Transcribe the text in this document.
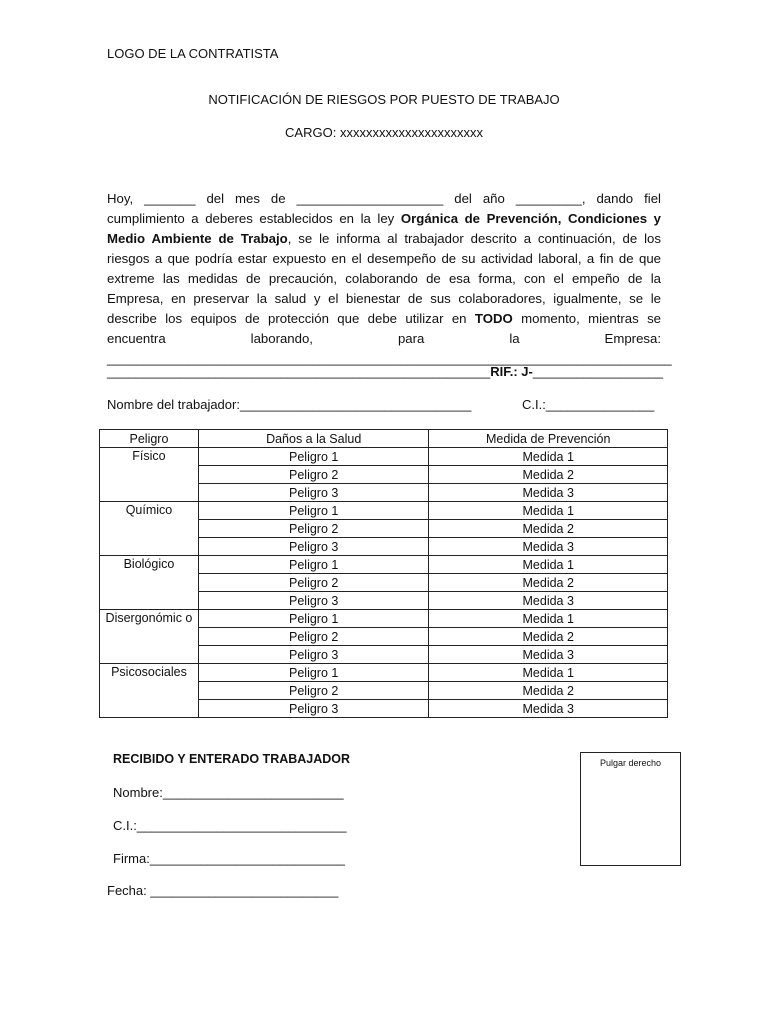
LOGO DE LA CONTRATISTA
NOTIFICACIÓN DE RIESGOS POR PUESTO DE TRABAJO
CARGO: xxxxxxxxxxxxxxxxxxxxxx
Hoy, _______ del mes de ____________________ del año _________, dando fiel cumplimiento a deberes establecidos en la ley Orgánica de Prevención, Condiciones y Medio Ambiente de Trabajo, se le informa al trabajador descrito a continuación, de los riesgos a que podría estar expuesto en el desempeño de su actividad laboral, a fin de que extreme las medidas de precaución, colaborando de esa forma, con el empeño de la Empresa, en preservar la salud y el bienestar de sus colaboradores, igualmente, se le describe los equipos de protección que debe utilizar en TODO momento, mientras se encuentra laborando, para la Empresa: _____________________________________________________________________________
_____________________________________________________RIF.: J-__________________
Nombre del trabajador:________________________________	C.I.:_______________
Peligro	Daños a la Salud	Medida de Prevención
Físico	Peligro 1	Medida 1
	Peligro 2	Medida 2
	Peligro 3	Medida 3
Químico	Peligro 1	Medida 1
	Peligro 2	Medida 2
	Peligro 3	Medida 3
Biológico	Peligro 1	Medida 1
	Peligro 2	Medida 2
	Peligro 3	Medida 3
Disergonómic o	Peligro 1	Medida 1
	Peligro 2	Medida 2
	Peligro 3	Medida 3
Psicosociales	Peligro 1	Medida 1
	Peligro 2	Medida 2
	Peligro 3	Medida 3
RECIBIDO Y ENTERADO TRABAJADOR
Nombre:_________________________
C.I.:_____________________________
Firma:___________________________
Fecha: __________________________
Pulgar derecho
